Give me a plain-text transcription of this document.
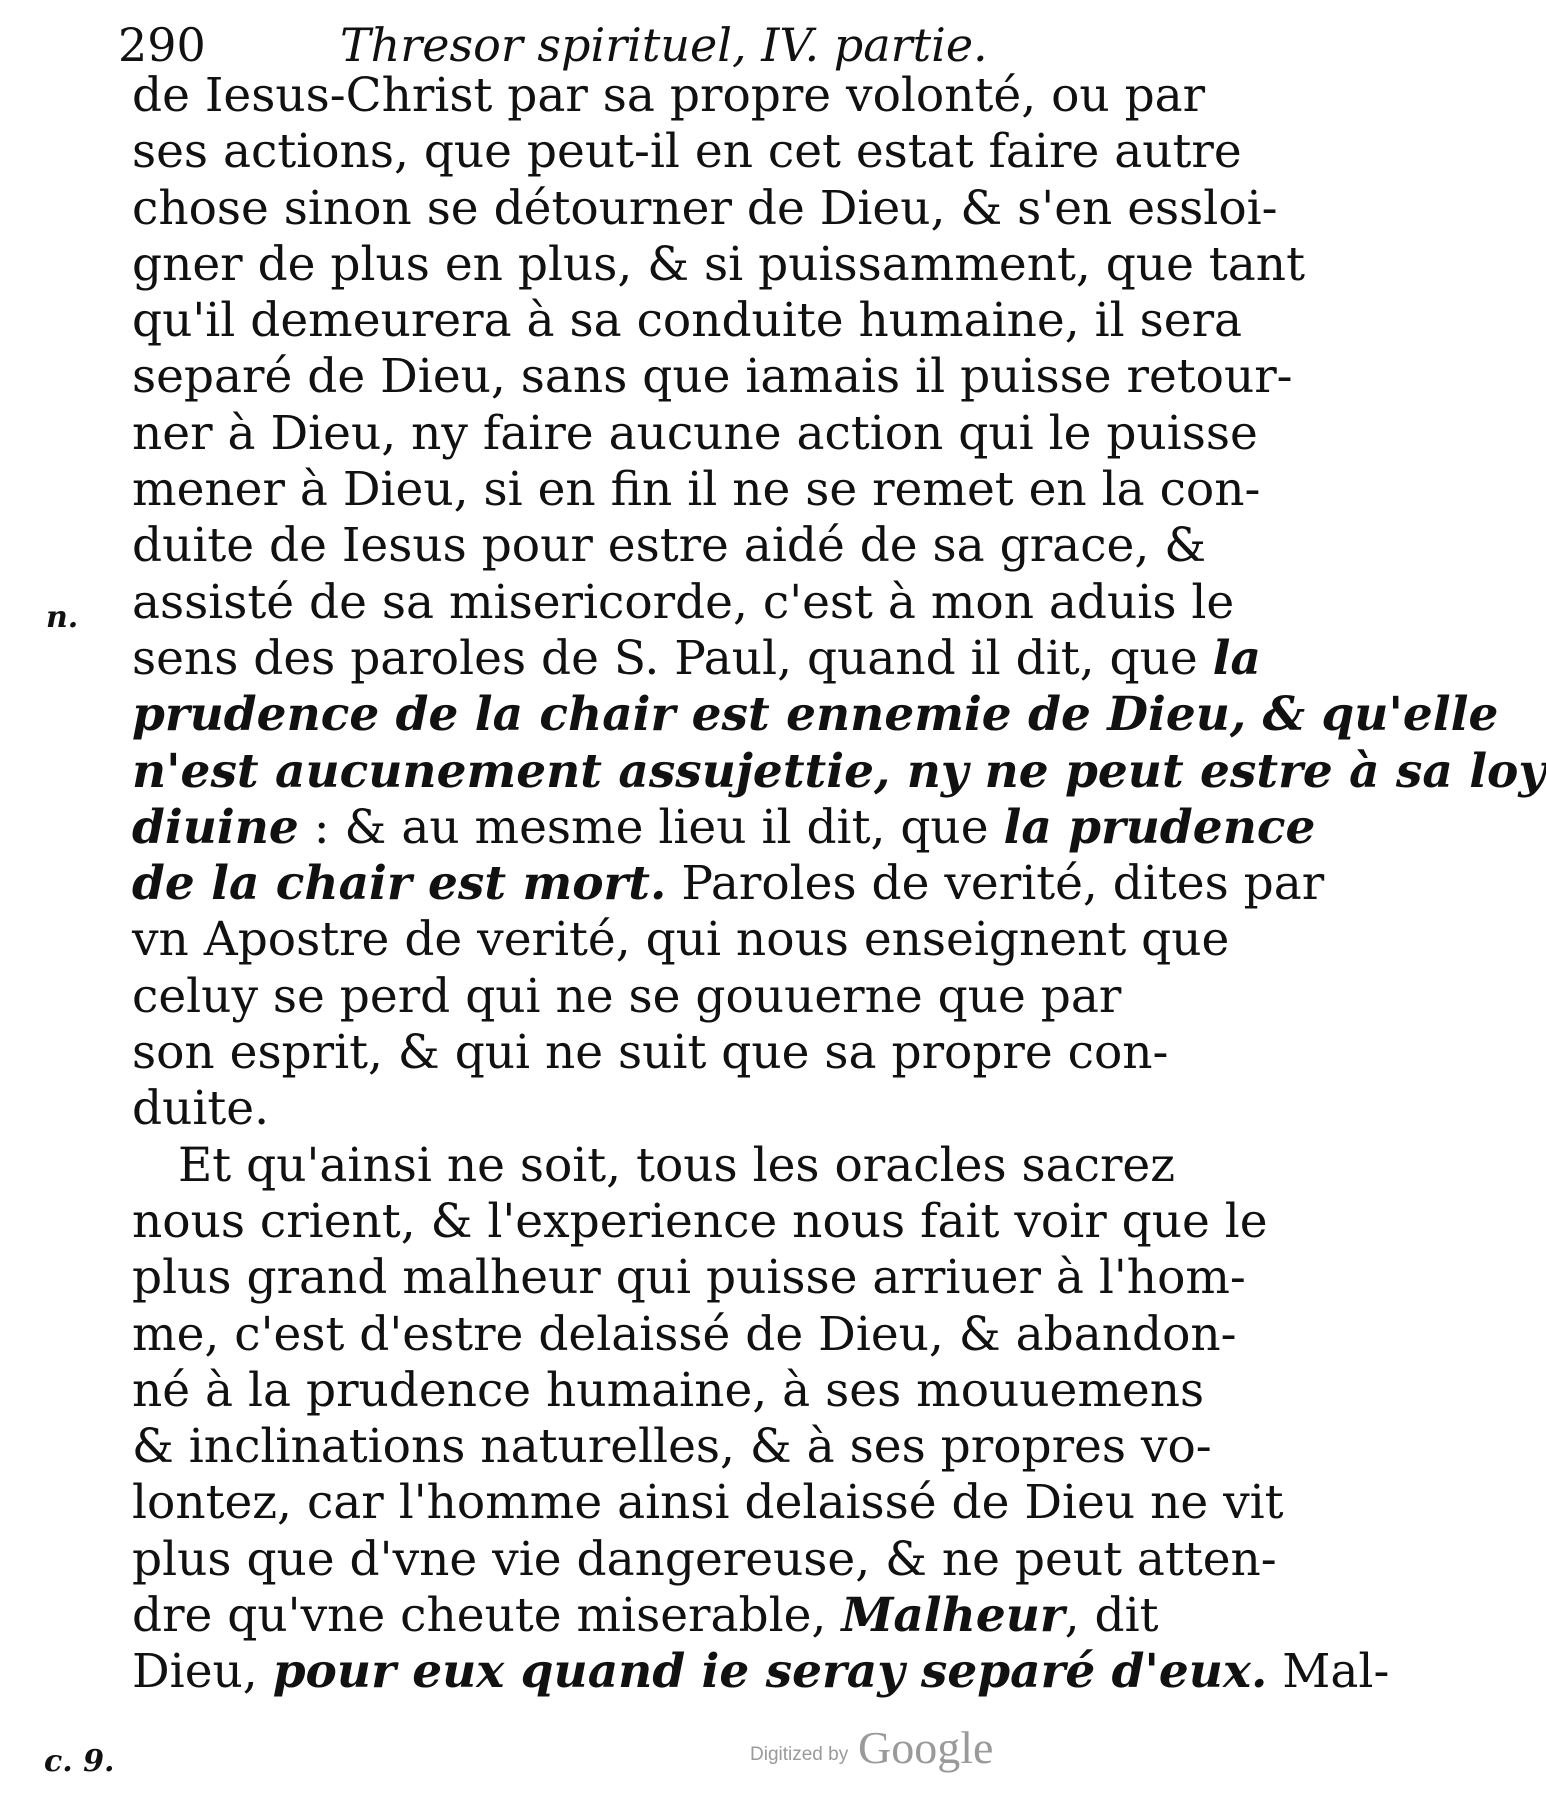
290	Thresor spirituel, IV. partie.
n.
c. 9.
de Iesus-Christ par sa propre volonté, ou par
ses actions, que peut-il en cet estat faire autre
chose sinon se détourner de Dieu, & s'en essloi-
gner de plus en plus, & si puissamment, que tant
qu'il demeurera à sa conduite humaine, il sera
separé de Dieu, sans que iamais il puisse retour-
ner à Dieu, ny faire aucune action qui le puisse
mener à Dieu, si en fin il ne se remet en la con-
duite de Iesus pour estre aidé de sa grace, &
assisté de sa misericorde, c'est à mon aduis le
sens des paroles de S. Paul, quand il dit, que la
prudence de la chair est ennemie de Dieu, & qu'elle
n'est aucunement assujettie, ny ne peut estre à sa loy
diuine : & au mesme lieu il dit, que la prudence
de la chair est mort. Paroles de verité, dites par
vn Apostre de verité, qui nous enseignent que
celuy se perd qui ne se gouuerne que par
son esprit, & qui ne suit que sa propre con-
duite.
Et qu'ainsi ne soit, tous les oracles sacrez
nous crient, & l'experience nous fait voir que le
plus grand malheur qui puisse arriuer à l'hom-
me, c'est d'estre delaissé de Dieu, & abandon-
né à la prudence humaine, à ses mouuemens
& inclinations naturelles, & à ses propres vo-
lontez, car l'homme ainsi delaissé de Dieu ne vit
plus que d'vne vie dangereuse, & ne peut atten-
dre qu'vne cheute miserable, Malheur, dit
Dieu, pour eux quand ie seray separé d'eux. Mal-
Digitized by Google
